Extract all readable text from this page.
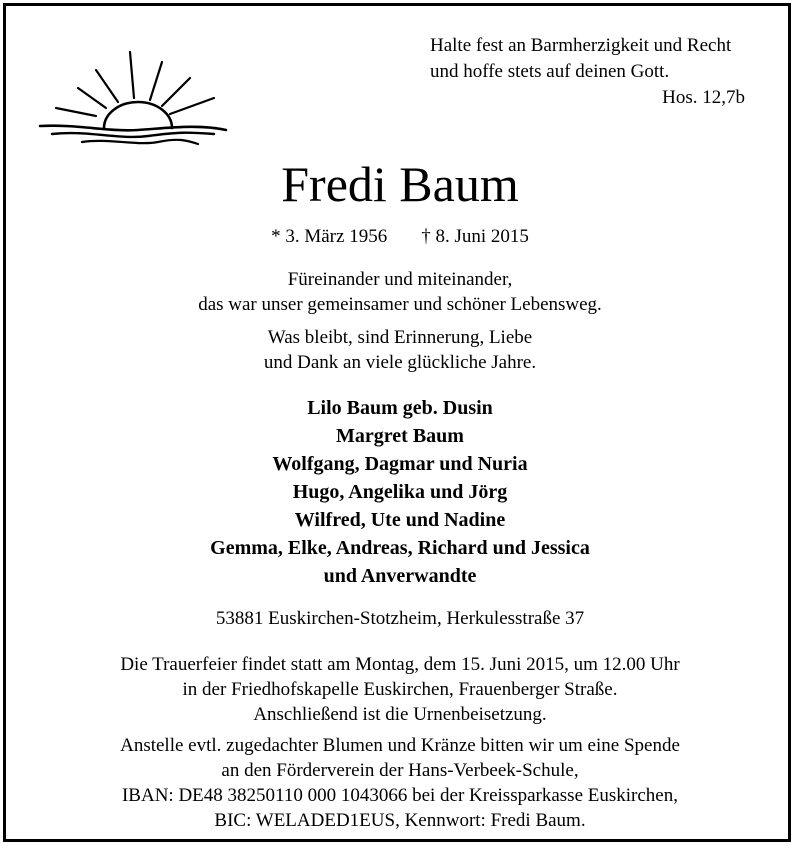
Halte fest an Barmherzigkeit und Recht
und hoffe stets auf deinen Gott.
Hos. 12,7b
Fredi Baum
* 3. März 1956 † 8. Juni 2015
Füreinander und miteinander,
das war unser gemeinsamer und schöner Lebensweg.
Was bleibt, sind Erinnerung, Liebe
und Dank an viele glückliche Jahre.
Lilo Baum geb. Dusin
Margret Baum
Wolfgang, Dagmar und Nuria
Hugo, Angelika und Jörg
Wilfred, Ute und Nadine
Gemma, Elke, Andreas, Richard und Jessica
und Anverwandte
53881 Euskirchen-Stotzheim, Herkulesstraße 37
Die Trauerfeier findet statt am Montag, dem 15. Juni 2015, um 12.00 Uhr
in der Friedhofskapelle Euskirchen, Frauenberger Straße.
Anschließend ist die Urnenbeisetzung.
Anstelle evtl. zugedachter Blumen und Kränze bitten wir um eine Spende
an den Förderverein der Hans-Verbeek-Schule,
IBAN: DE48 38250110 000 1043066 bei der Kreissparkasse Euskirchen,
BIC: WELADED1EUS, Kennwort: Fredi Baum.
